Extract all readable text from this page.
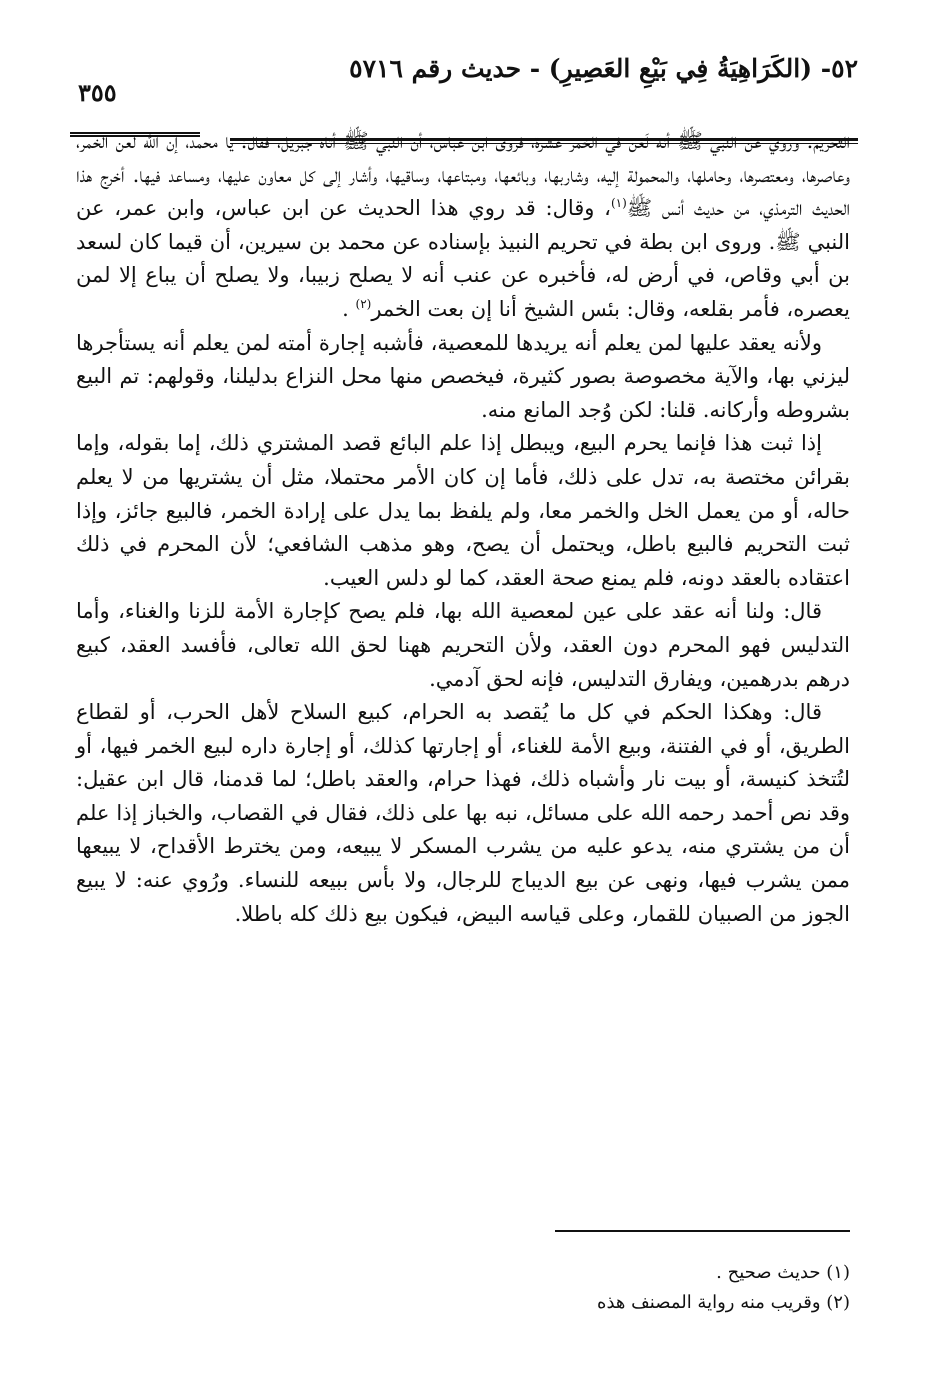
٥٢- (الكَرَاهِيَةُ فِي بَيْعِ العَصِيرِ) - حديث رقم ٥٧١٦
٣٥٥

التحريم. وروي عن النبي ﷺ أنه لَعَن في الخمر عشرة، فروى ابن عباس، أن النبي ﷺ أتاه جبريل، فقال: يا محمد، إن الله لعن الخمر، وعاصرها، ومعتصرها، وحاملها، والمحمولة إليه، وشاربها، وبائعها، ومبتاعها، وساقيها، وأشار إلى كل معاون عليها، ومساعد فيها. أخرج هذا الحديث الترمذي، من حديث أنس ﷺ$^{(١)}$، وقال: قد روي هذا الحديث عن ابن عباس، وابن عمر، عن النبي ﷺ. وروى ابن بطة في تحريم النبيذ بإسناده عن محمد بن سيرين، أن قيما كان لسعد بن أبي وقاص، في أرض له، فأخبره عن عنب أنه لا يصلح زبيبا، ولا يصلح أن يباع إلا لمن يعصره، فأمر بقلعه، وقال: بئس الشيخ أنا إن بعت الخمر$^{(٢)}$ .

ولأنه يعقد عليها لمن يعلم أنه يريدها للمعصية، فأشبه إجارة أمته لمن يعلم أنه يستأجرها ليزني بها، والآية مخصوصة بصور كثيرة، فيخصص منها محل النزاع بدليلنا، وقولهم: تم البيع بشروطه وأركانه. قلنا: لكن وُجد المانع منه.

إذا ثبت هذا فإنما يحرم البيع، ويبطل إذا علم البائع قصد المشتري ذلك، إما بقوله، وإما بقرائن مختصة به، تدل على ذلك، فأما إن كان الأمر محتملا، مثل أن يشتريها من لا يعلم حاله، أو من يعمل الخل والخمر معا، ولم يلفظ بما يدل على إرادة الخمر، فالبيع جائز، وإذا ثبت التحريم فالبيع باطل، ويحتمل أن يصح، وهو مذهب الشافعي؛ لأن المحرم في ذلك اعتقاده بالعقد دونه، فلم يمنع صحة العقد، كما لو دلس العيب.

قال: ولنا أنه عقد على عين لمعصية الله بها، فلم يصح كإجارة الأمة للزنا والغناء، وأما التدليس فهو المحرم دون العقد، ولأن التحريم ههنا لحق الله تعالى، فأفسد العقد، كبيع درهم بدرهمين، ويفارق التدليس، فإنه لحق آدمي.

قال: وهكذا الحكم في كل ما يُقصد به الحرام، كبيع السلاح لأهل الحرب، أو لقطاع الطريق، أو في الفتنة، وبيع الأمة للغناء، أو إجارتها كذلك، أو إجارة داره لبيع الخمر فيها، أو لتُتخذ كنيسة، أو بيت نار وأشباه ذلك، فهذا حرام، والعقد باطل؛ لما قدمنا، قال ابن عقيل: وقد نص أحمد رحمه الله على مسائل، نبه بها على ذلك، فقال في القصاب، والخباز إذا علم أن من يشتري منه، يدعو عليه من يشرب المسكر لا يبيعه، ومن يخترط الأقداح، لا يبيعها ممن يشرب فيها، ونهى عن بيع الديباج للرجال، ولا بأس ببيعه للنساء. ورُوي عنه: لا يبيع الجوز من الصبيان للقمار، وعلى قياسه البيض، فيكون بيع ذلك كله باطلا.

(١) حديث صحيح .
(٢) وقريب منه رواية المصنف هذه
